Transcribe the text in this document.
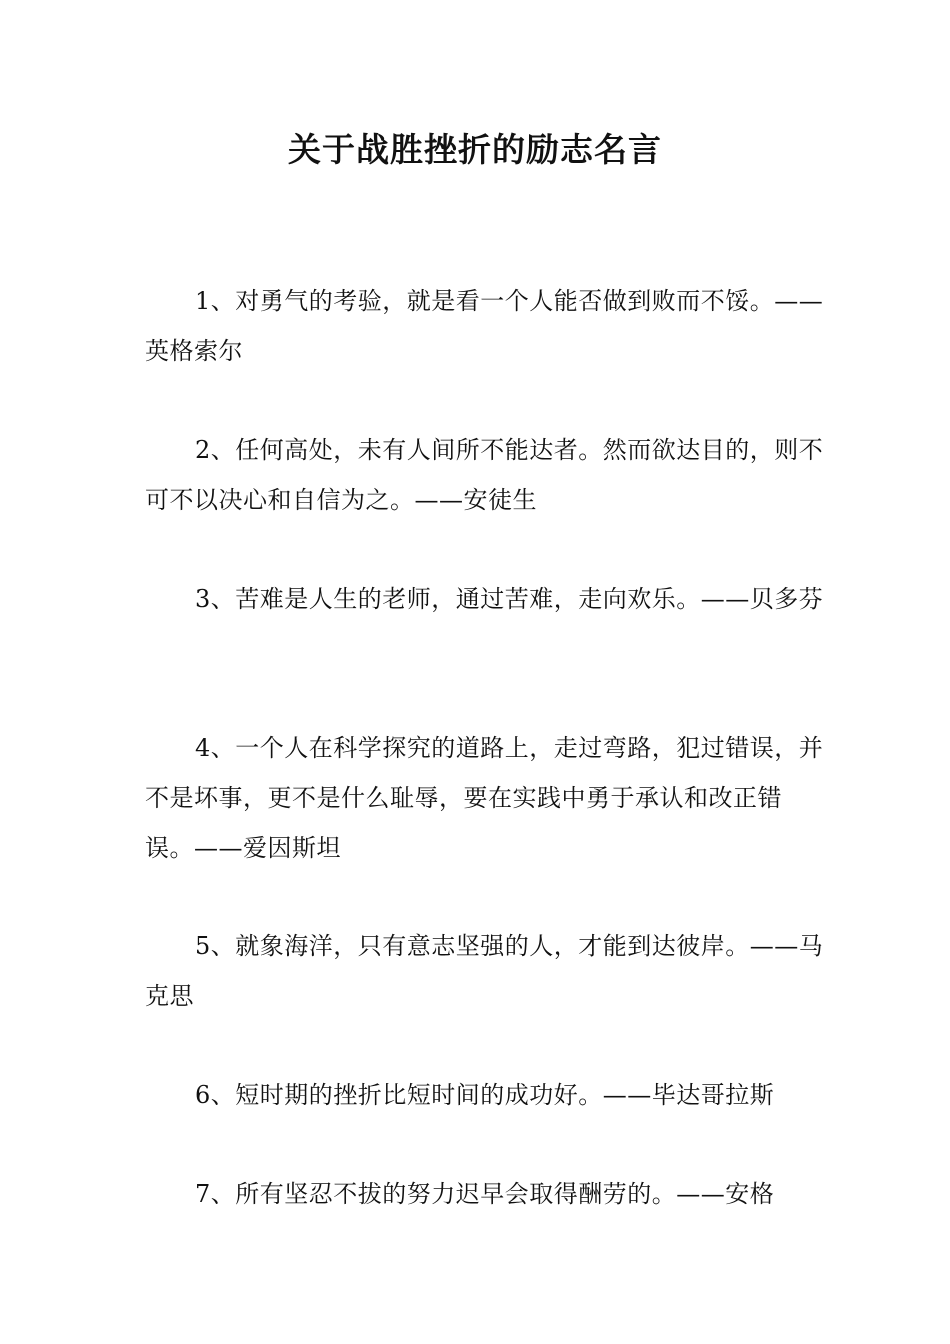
关于战胜挫折的励志名言

1、对勇气的考验，就是看一个人能否做到败而不馁。——英格索尔

2、任何高处，未有人间所不能达者。然而欲达目的，则不可不以决心和自信为之。——安徒生

3、苦难是人生的老师，通过苦难，走向欢乐。——贝多芬

4、一个人在科学探究的道路上，走过弯路，犯过错误，并不是坏事，更不是什么耻辱，要在实践中勇于承认和改正错误。——爱因斯坦

5、就象海洋，只有意志坚强的人，才能到达彼岸。——马克思

6、短时期的挫折比短时间的成功好。——毕达哥拉斯

7、所有坚忍不拔的努力迟早会取得酬劳的。——安格
